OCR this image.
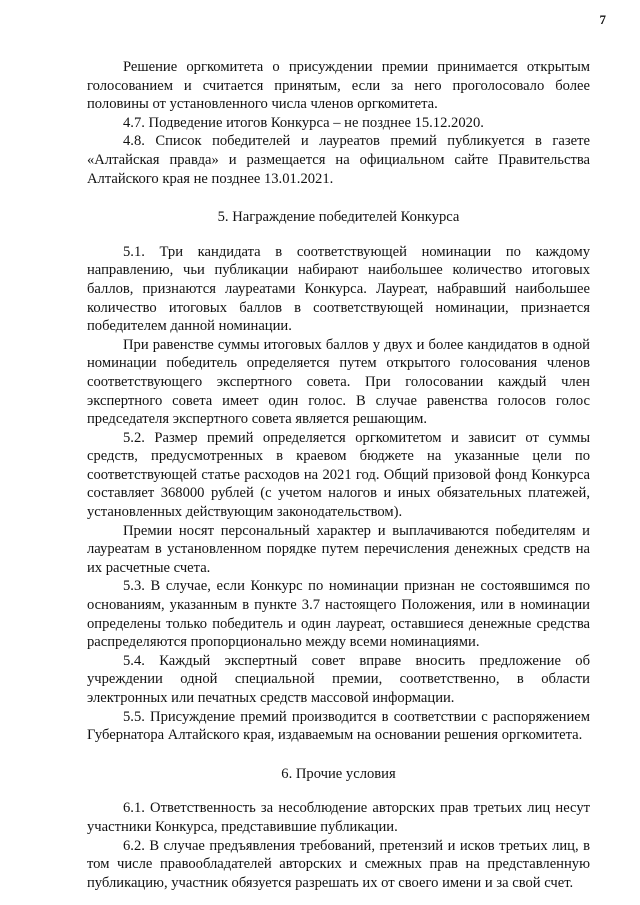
7

Решение оргкомитета о присуждении премии принимается открытым голосованием и считается принятым, если за него проголосовало более половины от установленного числа членов оргкомитета.

4.7. Подведение итогов Конкурса – не позднее 15.12.2020.

4.8. Список победителей и лауреатов премий публикуется в газете «Алтайская правда» и размещается на официальном сайте Правительства Алтайского края не позднее 13.01.2021.

5. Награждение победителей Конкурса

5.1. Три кандидата в соответствующей номинации по каждому направлению, чьи публикации набирают наибольшее количество итоговых баллов, признаются лауреатами Конкурса. Лауреат, набравший наибольшее количество итоговых баллов в соответствующей номинации, признается победителем данной номинации.

При равенстве суммы итоговых баллов у двух и более кандидатов в одной номинации победитель определяется путем открытого голосования членов соответствующего экспертного совета. При голосовании каждый член экспертного совета имеет один голос. В случае равенства голосов голос председателя экспертного совета является решающим.

5.2. Размер премий определяется оргкомитетом и зависит от суммы средств, предусмотренных в краевом бюджете на указанные цели по соответствующей статье расходов на 2021 год. Общий призовой фонд Конкурса составляет 368000 рублей (с учетом налогов и иных обязательных платежей, установленных действующим законодательством).

Премии носят персональный характер и выплачиваются победителям и лауреатам в установленном порядке путем перечисления денежных средств на их расчетные счета.

5.3. В случае, если Конкурс по номинации признан не состоявшимся по основаниям, указанным в пункте 3.7 настоящего Положения, или в номинации определены только победитель и один лауреат, оставшиеся денежные средства распределяются пропорционально между всеми номинациями.

5.4. Каждый экспертный совет вправе вносить предложение об учреждении одной специальной премии, соответственно, в области электронных или печатных средств массовой информации.

5.5. Присуждение премий производится в соответствии с распоряжением Губернатора Алтайского края, издаваемым на основании решения оргкомитета.

6. Прочие условия

6.1. Ответственность за несоблюдение авторских прав третьих лиц несут участники Конкурса, представившие публикации.

6.2. В случае предъявления требований, претензий и исков третьих лиц, в том числе правообладателей авторских и смежных прав на представленную публикацию, участник обязуется разрешать их от своего имени и за свой счет.
